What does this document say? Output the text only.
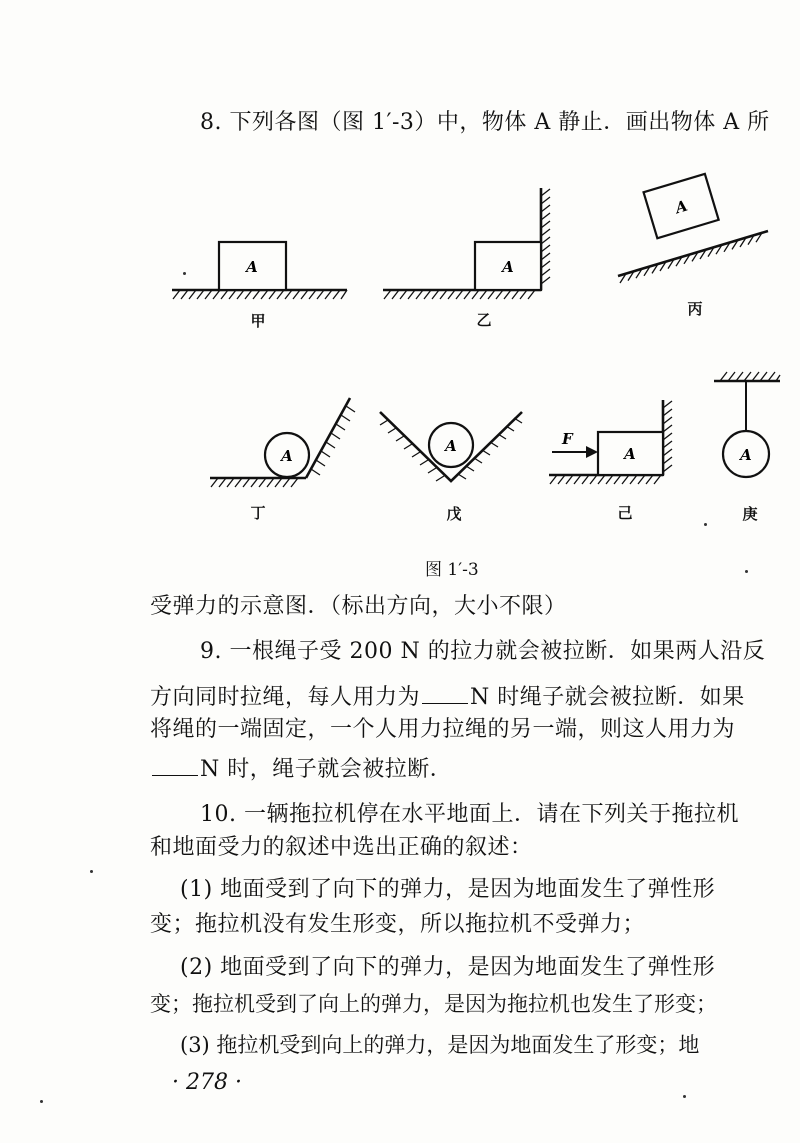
8. 下列各图（图 1′-3）中，物体 A 静止．画出物体 A 所
A	A
A
A
A	A
F
A
甲	乙
丙
丁	戊	己	庚
图 1′-3
受弹力的示意图．（标出方向，大小不限）
9. 一根绳子受 200 N 的拉力就会被拉断．如果两人沿反
方向同时拉绳，每人用力为 N 时绳子就会被拉断．如果
将绳的一端固定，一个人用力拉绳的另一端，则这人用力为
N 时，绳子就会被拉断．
10. 一辆拖拉机停在水平地面上．请在下列关于拖拉机
和地面受力的叙述中选出正确的叙述：
(1) 地面受到了向下的弹力，是因为地面发生了弹性形
变；拖拉机没有发生形变，所以拖拉机不受弹力；
(2) 地面受到了向下的弹力，是因为地面发生了弹性形
变；拖拉机受到了向上的弹力，是因为拖拉机也发生了形变；
(3) 拖拉机受到向上的弹力，是因为地面发生了形变；地
· 278 ·
